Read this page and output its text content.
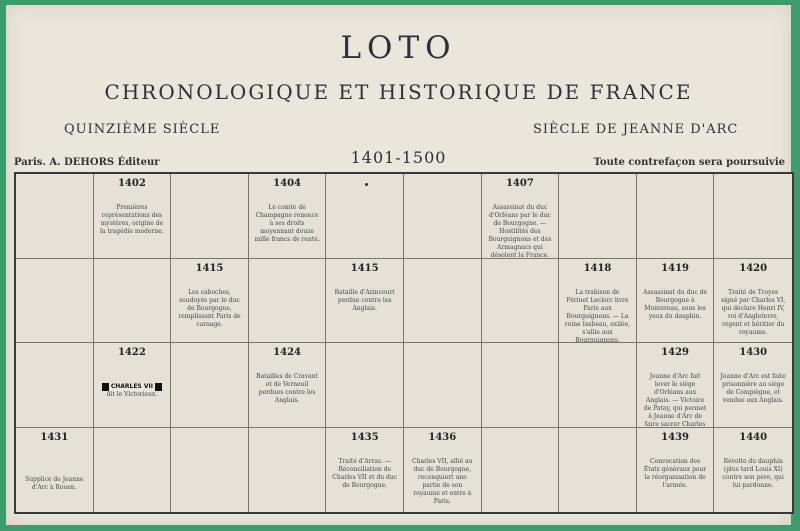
LOTO
CHRONOLOGIQUE ET HISTORIQUE DE FRANCE
QUINZIÈME SIÈCLE	SIÈCLE DE JEANNE D'ARC
1401-1500
Paris. A. DEHORS Éditeur	Toute contrefaçon sera poursuivie
1402
Premières représentations des mystères, origine de la tragédie moderne.
1404
Le comte de Champagne renonce à ses droits moyennant douze mille francs de rente.
1407
Assassinat du duc d'Orléans par le duc de Bourgogne. — Hostilités des Bourguignons et des Armagnacs qui désolent la France.
1415
Les caboches, soudoyés par le duc de Bourgogne, remplissent Paris de carnage.
1415
Bataille d'Azincourt perdue contre les Anglais.
1418
La trahison de Périnet Leclerc livre Paris aux Bourguignons. — La reine Isabeau, exilée, s'allie aux Bourguignons.
1419
Assassinat du duc de Bourgogne à Montereau, sous les yeux du dauphin.
1420
Traité de Troyes signé par Charles VI, qui déclare Henri IV, roi d'Angleterre, régent et héritier du royaume.
1422
CHARLES VII
dit le Victorieux.
1424
Batailles de Cravant et de Verneuil perdues contre les Anglais.
1429
Jeanne d'Arc fait lever le siège d'Orléans aux Anglais. — Victoire de Patay, qui permet à Jeanne d'Arc de faire sacrer Charles
1430
Jeanne d'Arc est faite prisonnière au siège de Compiègne, et vendue aux Anglais.
1431
Supplice de Jeanne d'Arc à Rouen.
1435
Traité d'Arras. — Réconciliation de Charles VII et du duc de Bourgogne.
1436
Charles VII, allié au duc de Bourgogne, reconquiert une partie de son royaume et entre à Paris.
1439
Convocation des États généraux pour la réorganisation de l'armée.
1440
Révolte du dauphin (plus tard Louis XI) contre son père, qui lui pardonne.
